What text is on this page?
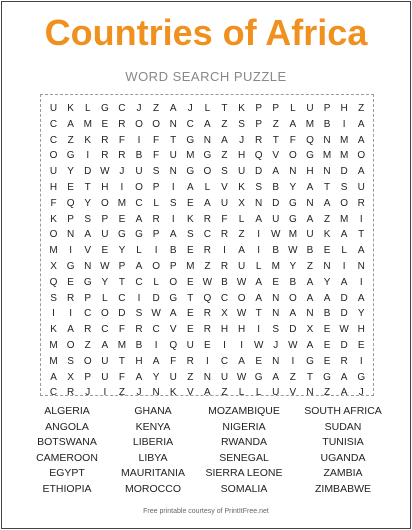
Countries of Africa
WORD SEARCH PUZZLE
U	K	L	G C	J	Z	A	J	L	T	K	P	P	L	U	P	H	Z
C	A M E	R O O N C	A	Z	S	P	Z	A M B	I	A
C	Z	K	R	F	I	F	T	G N	A	J	R	T	F	Q N M A
O G	I	R R	B	F	U M G	Z	H Q V O G M M O
U	Y	D W J	U	S	N G O S	U D	A	N H N D	A
H	E	T	H	I	O P	I	A	L	V	K	S	B	Y	A	T	S	U
F	Q Y O M C	L	S	E	A	U	X	N D G N	A O R
K	P	S	P	E	A	R	I	K	R	F	L	A	U G A	Z M	I
O N	A	U G G P	A	S	C R	Z	I	W M U	K	A	T
M	I	V	E	Y	L	I	B	E	R	I	A	I	B W B	E	L	A
X G N W P	A O P M Z	R U	L	M Y	Z	N	I	N
Q E G Y	T	C	L	O E W B W A	E	B	A	Y	A	I
S	R	P	L	C	I	D G	T	Q C O A	N O A	A	D	A
I	I	C O D	S W A	E	R	X W T	N	A	N	B	D	Y
K	A	R C	F	R C	V	E	R H H	I	S	D	X	E W H
M O	Z	A M B	I	Q U	E	I	I	W J W A	E	D	E
M S O U	T	H	A	F	R	I	C	A	E	N	I	G E	R	I
A	X	P	U	F	A	Y	U	Z	N U W G A	Z	T	G A G
C R	J	I	Z	J	N	K	V	A	Z	L	L	U	V	N	Z	A	J
ALGERIA	GHANA	MOZAMBIQUE	SOUTH AFRICA
ANGOLA	KENYA	NIGERIA	SUDAN
BOTSWANA	LIBERIA	RWANDA	TUNISIA
CAMEROON	LIBYA	SENEGAL	UGANDA
EGYPT	MAURITANIA	SIERRA LEONE	ZAMBIA
ETHIOPIA	MOROCCO	SOMALIA	ZIMBABWE
Free printable courtesy of PrintItFree.net
